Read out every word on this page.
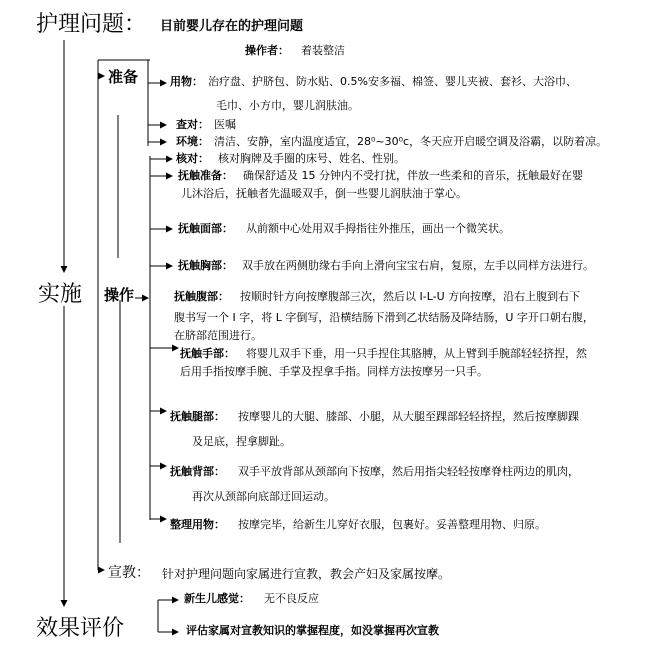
护理问题： 目前婴儿存在的护理问题
操作者： 着装整洁
准备	用物： 治疗盘、护脐包、防水贴、0.5%安多福、棉签、婴儿夹被、套衫、大浴巾、
毛巾、小方巾，婴儿润肤油。
查对： 医嘱
环境： 清洁、安静，室内温度适宜，28⁰~30⁰c，冬天应开启暖空调及浴霸，以防着凉。
实施 操作
核对： 核对胸牌及手圈的床号、姓名、性别。
抚触准备： 确保舒适及 15 分钟内不受打扰，伴放一些柔和的音乐，抚触最好在婴
儿沐浴后，抚触者先温暖双手，倒一些婴儿润肤油于掌心。
抚触面部： 从前额中心处用双手拇指往外推压，画出一个微笑状。
抚触胸部： 双手放在两侧肋缘右手向上滑向宝宝右肩，复原，左手以同样方法进行。
抚触腹部： 按顺时针方向按摩腹部三次，然后以 I-L-U 方向按摩，沿右上腹到右下
腹书写一个 I 字，将 L 字倒写，沿横结肠下滑到乙状结肠及降结肠，U 字开口朝右腹，
在脐部范围进行。
抚触手部： 将婴儿双手下垂，用一只手捏住其胳膊，从上臂到手腕部轻轻挤捏，然
后用手指按摩手腕、手掌及捏拿手指。同样方法按摩另一只手。
抚触腿部： 按摩婴儿的大腿、膝部、小腿，从大腿至踝部轻轻挤捏，然后按摩脚踝
及足底，捏拿脚趾。
抚触背部： 双手平放背部从颈部向下按摩，然后用指尖轻轻按摩脊柱两边的肌肉，
再次从颈部向底部迂回运动。
整理用物： 按摩完毕，给新生儿穿好衣服，包裹好。妥善整理用物、归原。
宣教： 针对护理问题向家属进行宣教，教会产妇及家属按摩。
效果评价
新生儿感觉： 无不良反应
评估家属对宣教知识的掌握程度，如没掌握再次宣教
